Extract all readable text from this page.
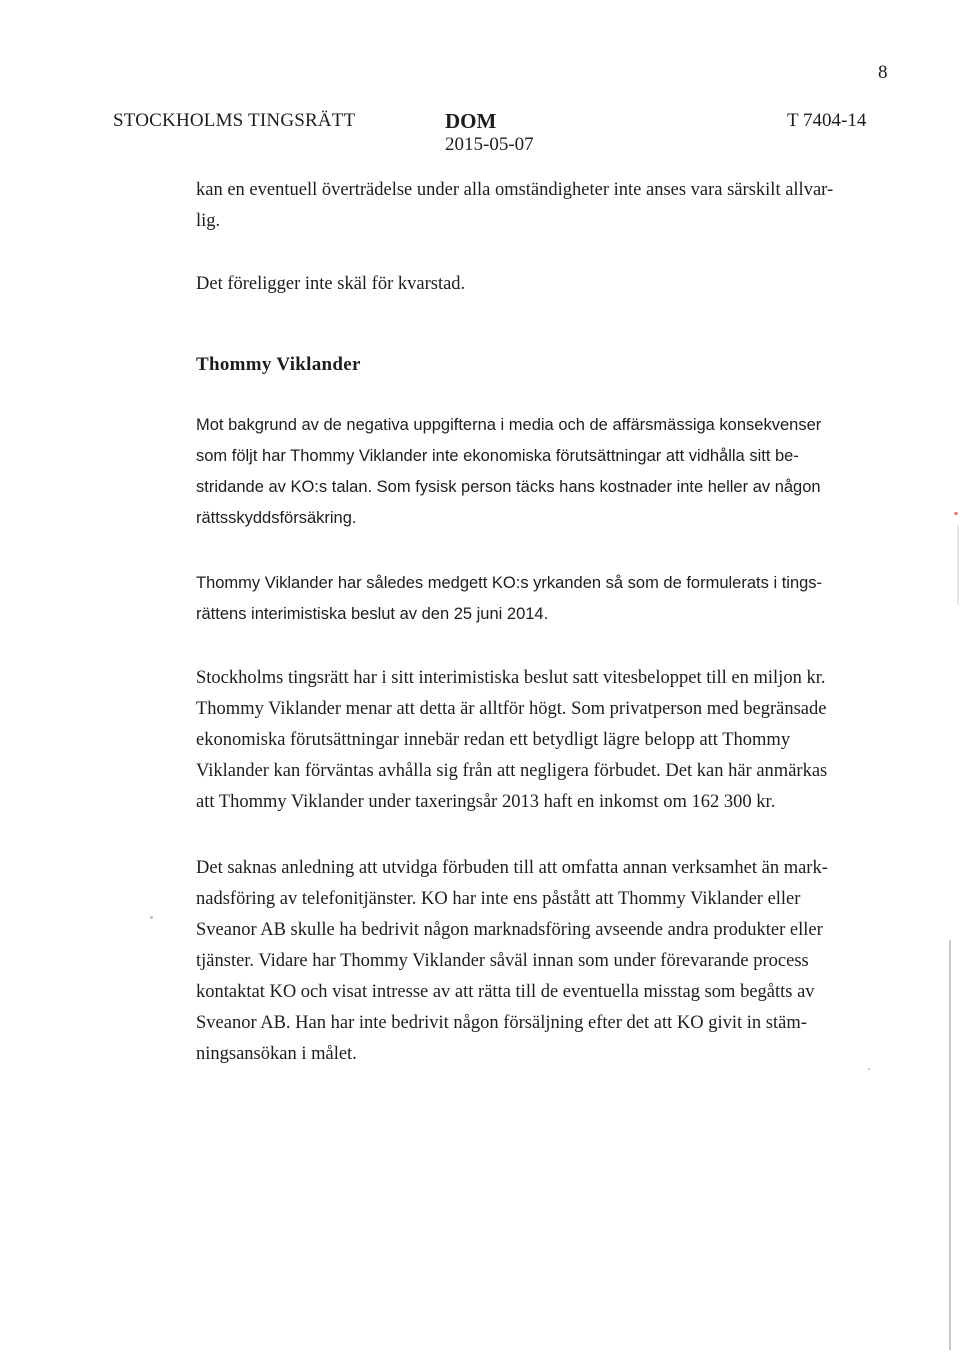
8
STOCKHOLMS TINGSRÄTT	DOM
2015-05-07
T 7404-14
kan en eventuell överträdelse under alla omständigheter inte anses vara särskilt allvar-
lig.
Det föreligger inte skäl för kvarstad.
Thommy Viklander
Mot bakgrund av de negativa uppgifterna i media och de affärsmässiga konsekvenser
som följt har Thommy Viklander inte ekonomiska förutsättningar att vidhålla sitt be-
stridande av KO:s talan. Som fysisk person täcks hans kostnader inte heller av någon
rättsskyddsförsäkring.
Thommy Viklander har således medgett KO:s yrkanden så som de formulerats i tings-
rättens interimistiska beslut av den 25 juni 2014.
Stockholms tingsrätt har i sitt interimistiska beslut satt vitesbeloppet till en miljon kr.
Thommy Viklander menar att detta är alltför högt. Som privatperson med begränsade
ekonomiska förutsättningar innebär redan ett betydligt lägre belopp att Thommy
Viklander kan förväntas avhålla sig från att negligera förbudet. Det kan här anmärkas
att Thommy Viklander under taxeringsår 2013 haft en inkomst om 162 300 kr.
Det saknas anledning att utvidga förbuden till att omfatta annan verksamhet än mark-
nadsföring av telefonitjänster. KO har inte ens påstått att Thommy Viklander eller
Sveanor AB skulle ha bedrivit någon marknadsföring avseende andra produkter eller
tjänster. Vidare har Thommy Viklander såväl innan som under förevarande process
kontaktat KO och visat intresse av att rätta till de eventuella misstag som begåtts av
Sveanor AB. Han har inte bedrivit någon försäljning efter det att KO givit in stäm-
ningsansökan i målet.
